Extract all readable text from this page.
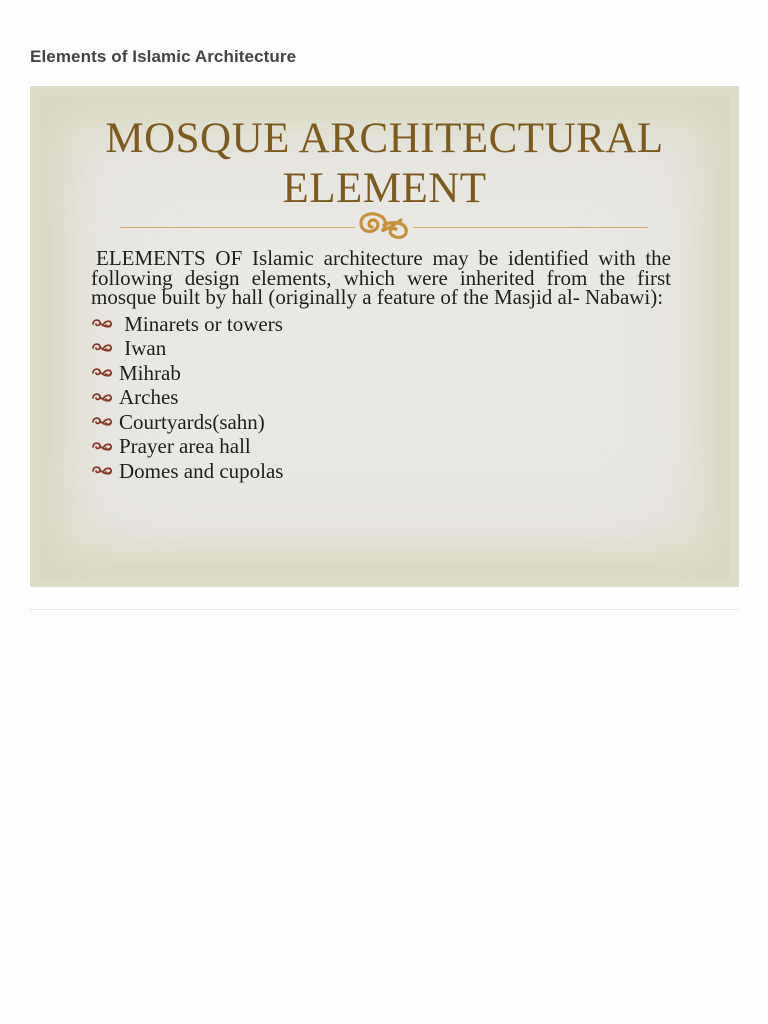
Elements of Islamic Architecture
MOSQUE ARCHITECTURAL
ELEMENT

ELEMENTS OF Islamic architecture may be identified with the following design elements, which were inherited from the first mosque built by hall (originally a feature of the Masjid al- Nabawi):

Minarets or towers
Iwan
Mihrab
Arches
Courtyards(sahn)
Prayer area hall
Domes and cupolas
